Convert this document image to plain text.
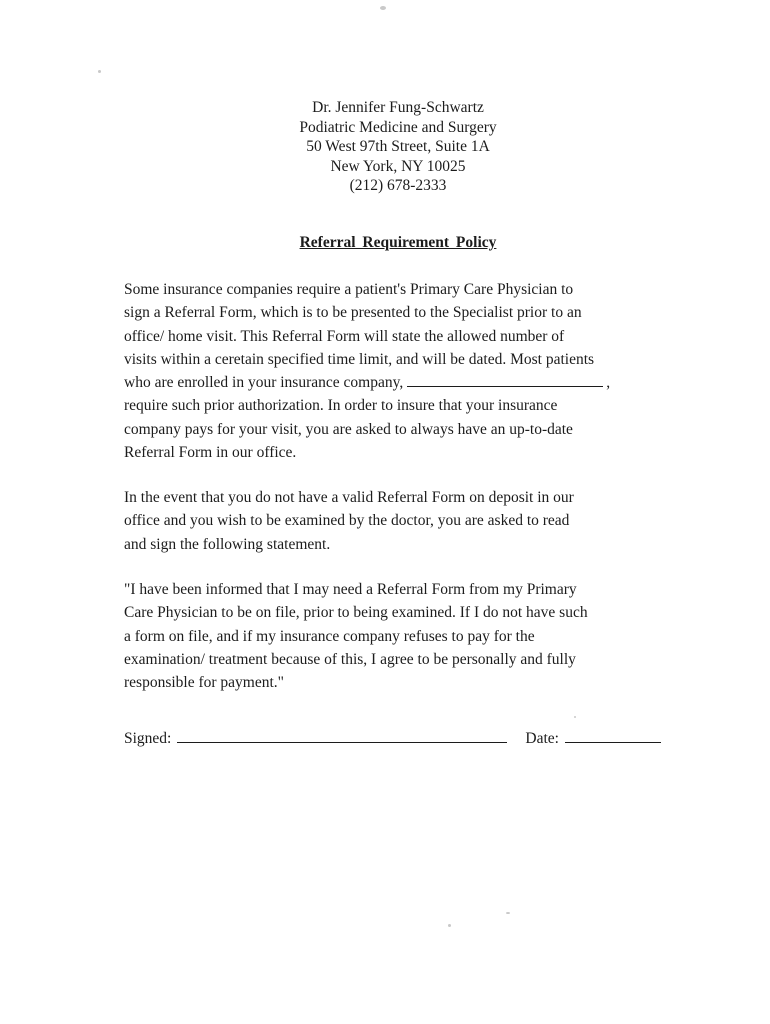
Dr. Jennifer Fung-Schwartz
Podiatric Medicine and Surgery
50 West 97th Street, Suite 1A
New York, NY 10025
(212) 678-2333
Referral Requirement Policy
Some insurance companies require a patient's Primary Care Physician to
sign a Referral Form, which is to be presented to the Specialist prior to an
office/ home visit. This Referral Form will state the allowed number of
visits within a ceretain specified time limit, and will be dated. Most patients
who are enrolled in your insurance company,	,
require such prior authorization. In order to insure that your insurance
company pays for your visit, you are asked to always have an up-to-date
Referral Form in our office.
In the event that you do not have a valid Referral Form on deposit in our
office and you wish to be examined by the doctor, you are asked to read
and sign the following statement.
"I have been informed that I may need a Referral Form from my Primary
Care Physician to be on file, prior to being examined. If I do not have such
a form on file, and if my insurance company refuses to pay for the
examination/ treatment because of this, I agree to be personally and fully
responsible for payment."
Signed:	Date:
